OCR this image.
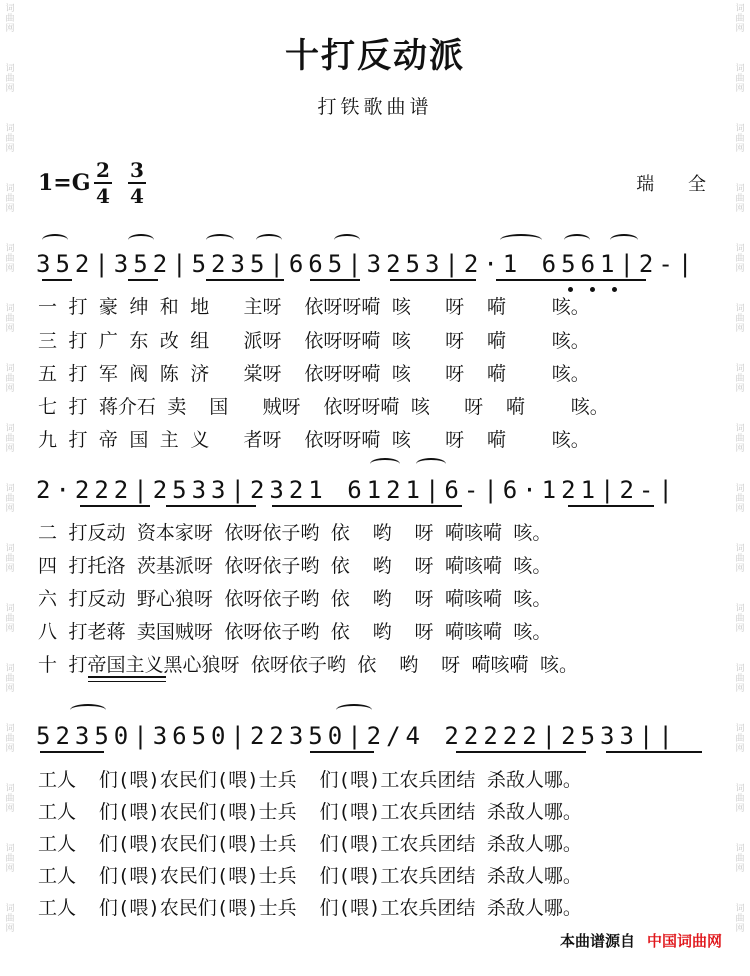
词曲网
词曲网
词曲网
词曲网
词曲网
词曲网
词曲网
词曲网
词曲网
词曲网
词曲网
词曲网
词曲网
词曲网
词曲网
词曲网
词曲网
词曲网
词曲网
词曲网
词曲网
词曲网
词曲网
词曲网
词曲网
词曲网
词曲网
词曲网
词曲网
词曲网
词曲网
词曲网
十打反动派
打铁歌曲谱
1=G 2
4
3
4	瑞 全
352|352|5235|665|3253|2·1 6561|2-|
一 打 豪 绅 和 地   主呀  依呀呀嗬 咳   呀  嗬    咳。
三 打 广 东 改 组   派呀  依呀呀嗬 咳   呀  嗬    咳。
五 打 军 阀 陈 济   棠呀  依呀呀嗬 咳   呀  嗬    咳。
七 打 蒋介石 卖  国   贼呀  依呀呀嗬 咳   呀  嗬    咳。
九 打 帝 国 主 义   者呀  依呀呀嗬 咳   呀  嗬    咳。
2·222|2533|2321 6121|6-|6·121|2-|
二 打反动 资本家呀 依呀依子哟 依  哟  呀 嗬咳嗬 咳。
四 打托洛 茨基派呀 依呀依子哟 依  哟  呀 嗬咳嗬 咳。
六 打反动 野心狼呀 依呀依子哟 依  哟  呀 嗬咳嗬 咳。
八 打老蒋 卖国贼呀 依呀依子哟 依  哟  呀 嗬咳嗬 咳。
十 打帝国主义黑心狼呀 依呀依子哟 依  哟  呀 嗬咳嗬 咳。
52350|3650|22350|2/4 22222|2533||
工人  们(喂)农民们(喂)士兵  们(喂)工农兵团结 杀敌人哪。
工人  们(喂)农民们(喂)士兵  们(喂)工农兵团结 杀敌人哪。
工人  们(喂)农民们(喂)士兵  们(喂)工农兵团结 杀敌人哪。
工人  们(喂)农民们(喂)士兵  们(喂)工农兵团结 杀敌人哪。
工人  们(喂)农民们(喂)士兵  们(喂)工农兵团结 杀敌人哪。
本曲谱源自 中国词曲网
